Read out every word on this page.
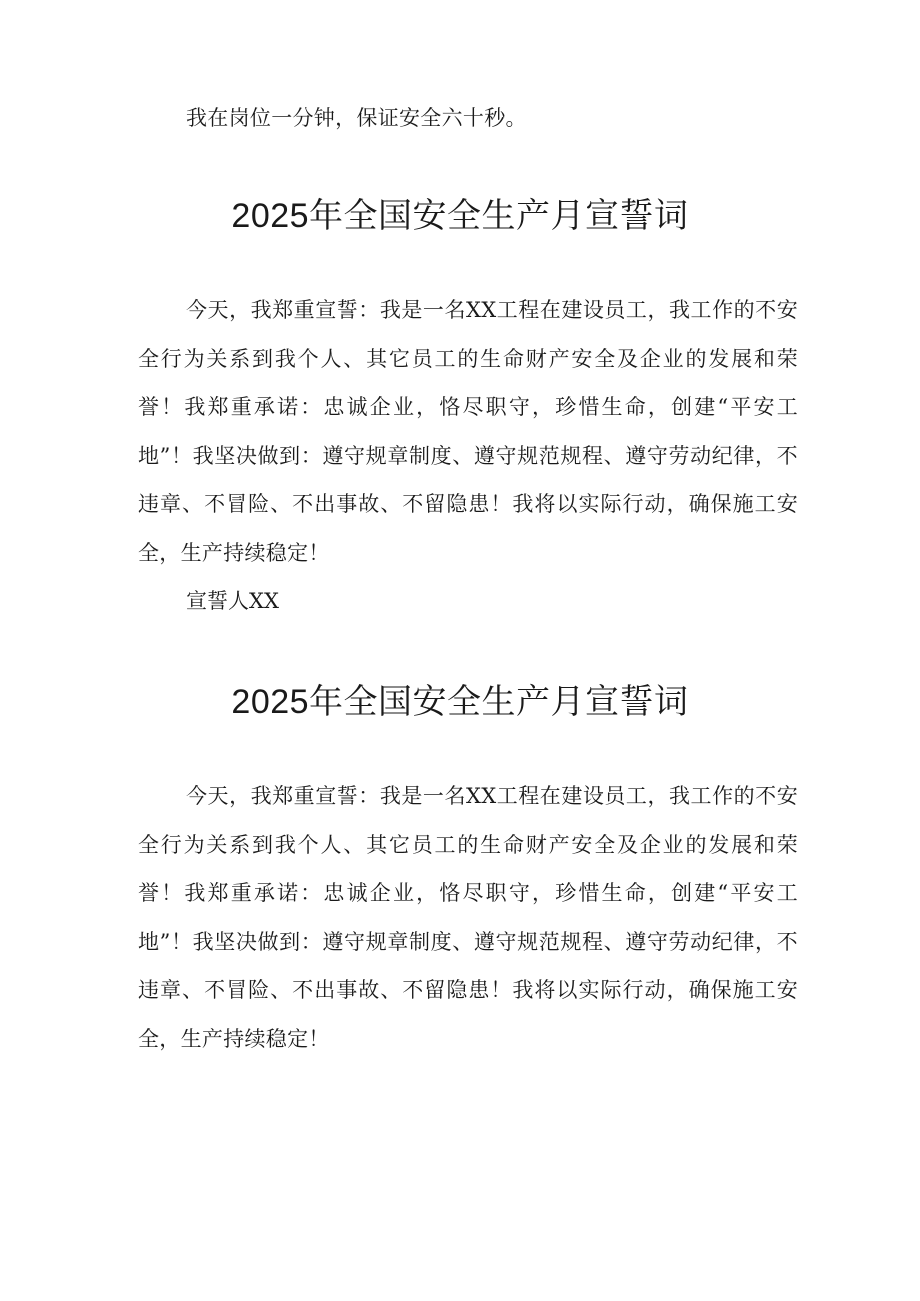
我在岗位一分钟，保证安全六十秒。

2025年全国安全生产月宣誓词

今天，我郑重宣誓：我是一名XX工程在建设员工，我工作的不安全行为关系到我个人、其它员工的生命财产安全及企业的发展和荣誉！我郑重承诺：忠诚企业，恪尽职守，珍惜生命，创建“平安工地”！我坚决做到：遵守规章制度、遵守规范规程、遵守劳动纪律，不违章、不冒险、不出事故、不留隐患！我将以实际行动，确保施工安全，生产持续稳定！

宣誓人XX

2025年全国安全生产月宣誓词

今天，我郑重宣誓：我是一名XX工程在建设员工，我工作的不安全行为关系到我个人、其它员工的生命财产安全及企业的发展和荣誉！我郑重承诺：忠诚企业，恪尽职守，珍惜生命，创建“平安工地”！我坚决做到：遵守规章制度、遵守规范规程、遵守劳动纪律，不违章、不冒险、不出事故、不留隐患！我将以实际行动，确保施工安全，生产持续稳定！
